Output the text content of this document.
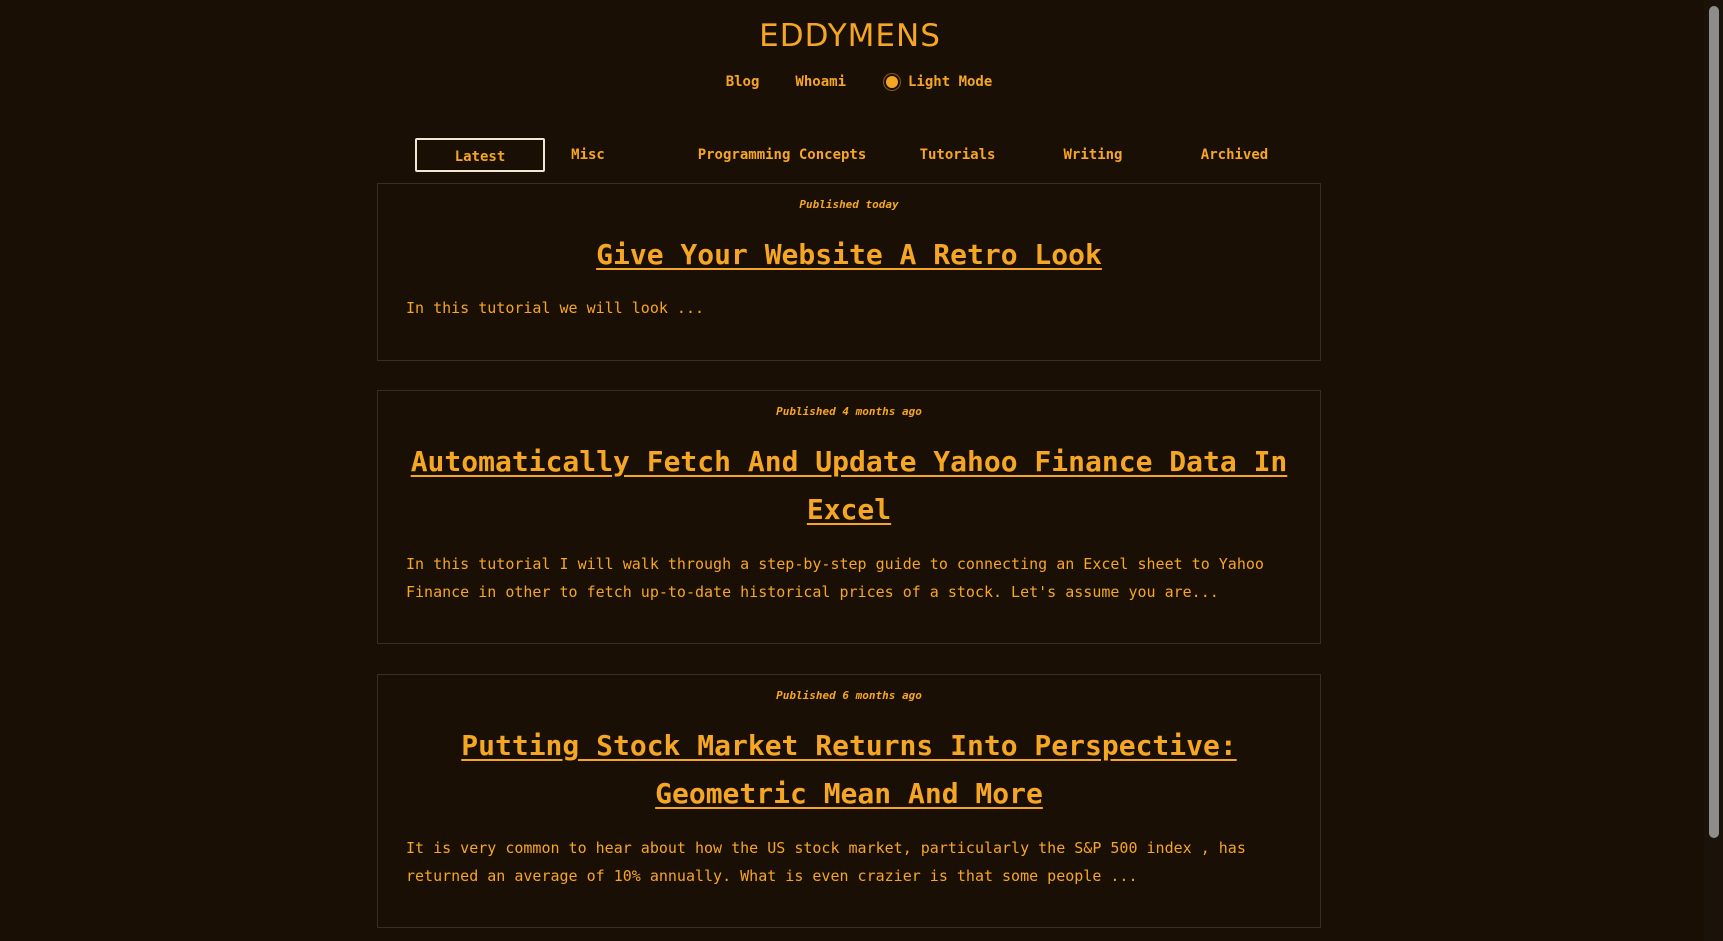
EDDYMENS
Blog	Whoami	Light Mode
Latest	Misc	Programming Concepts	Tutorials	Writing	Archived
Published today
Give Your Website A Retro Look
In this tutorial we will look ...
Published 4 months ago
Automatically Fetch And Update Yahoo Finance Data In Excel
In this tutorial I will walk through a step-by-step guide to connecting an Excel sheet to Yahoo Finance in other to fetch up-to-date historical prices of a stock. Let's assume you are...
Published 6 months ago
Putting Stock Market Returns Into Perspective: Geometric Mean And More
It is very common to hear about how the US stock market, particularly the S&P 500 index , has returned an average of 10% annually. What is even crazier is that some people ...
